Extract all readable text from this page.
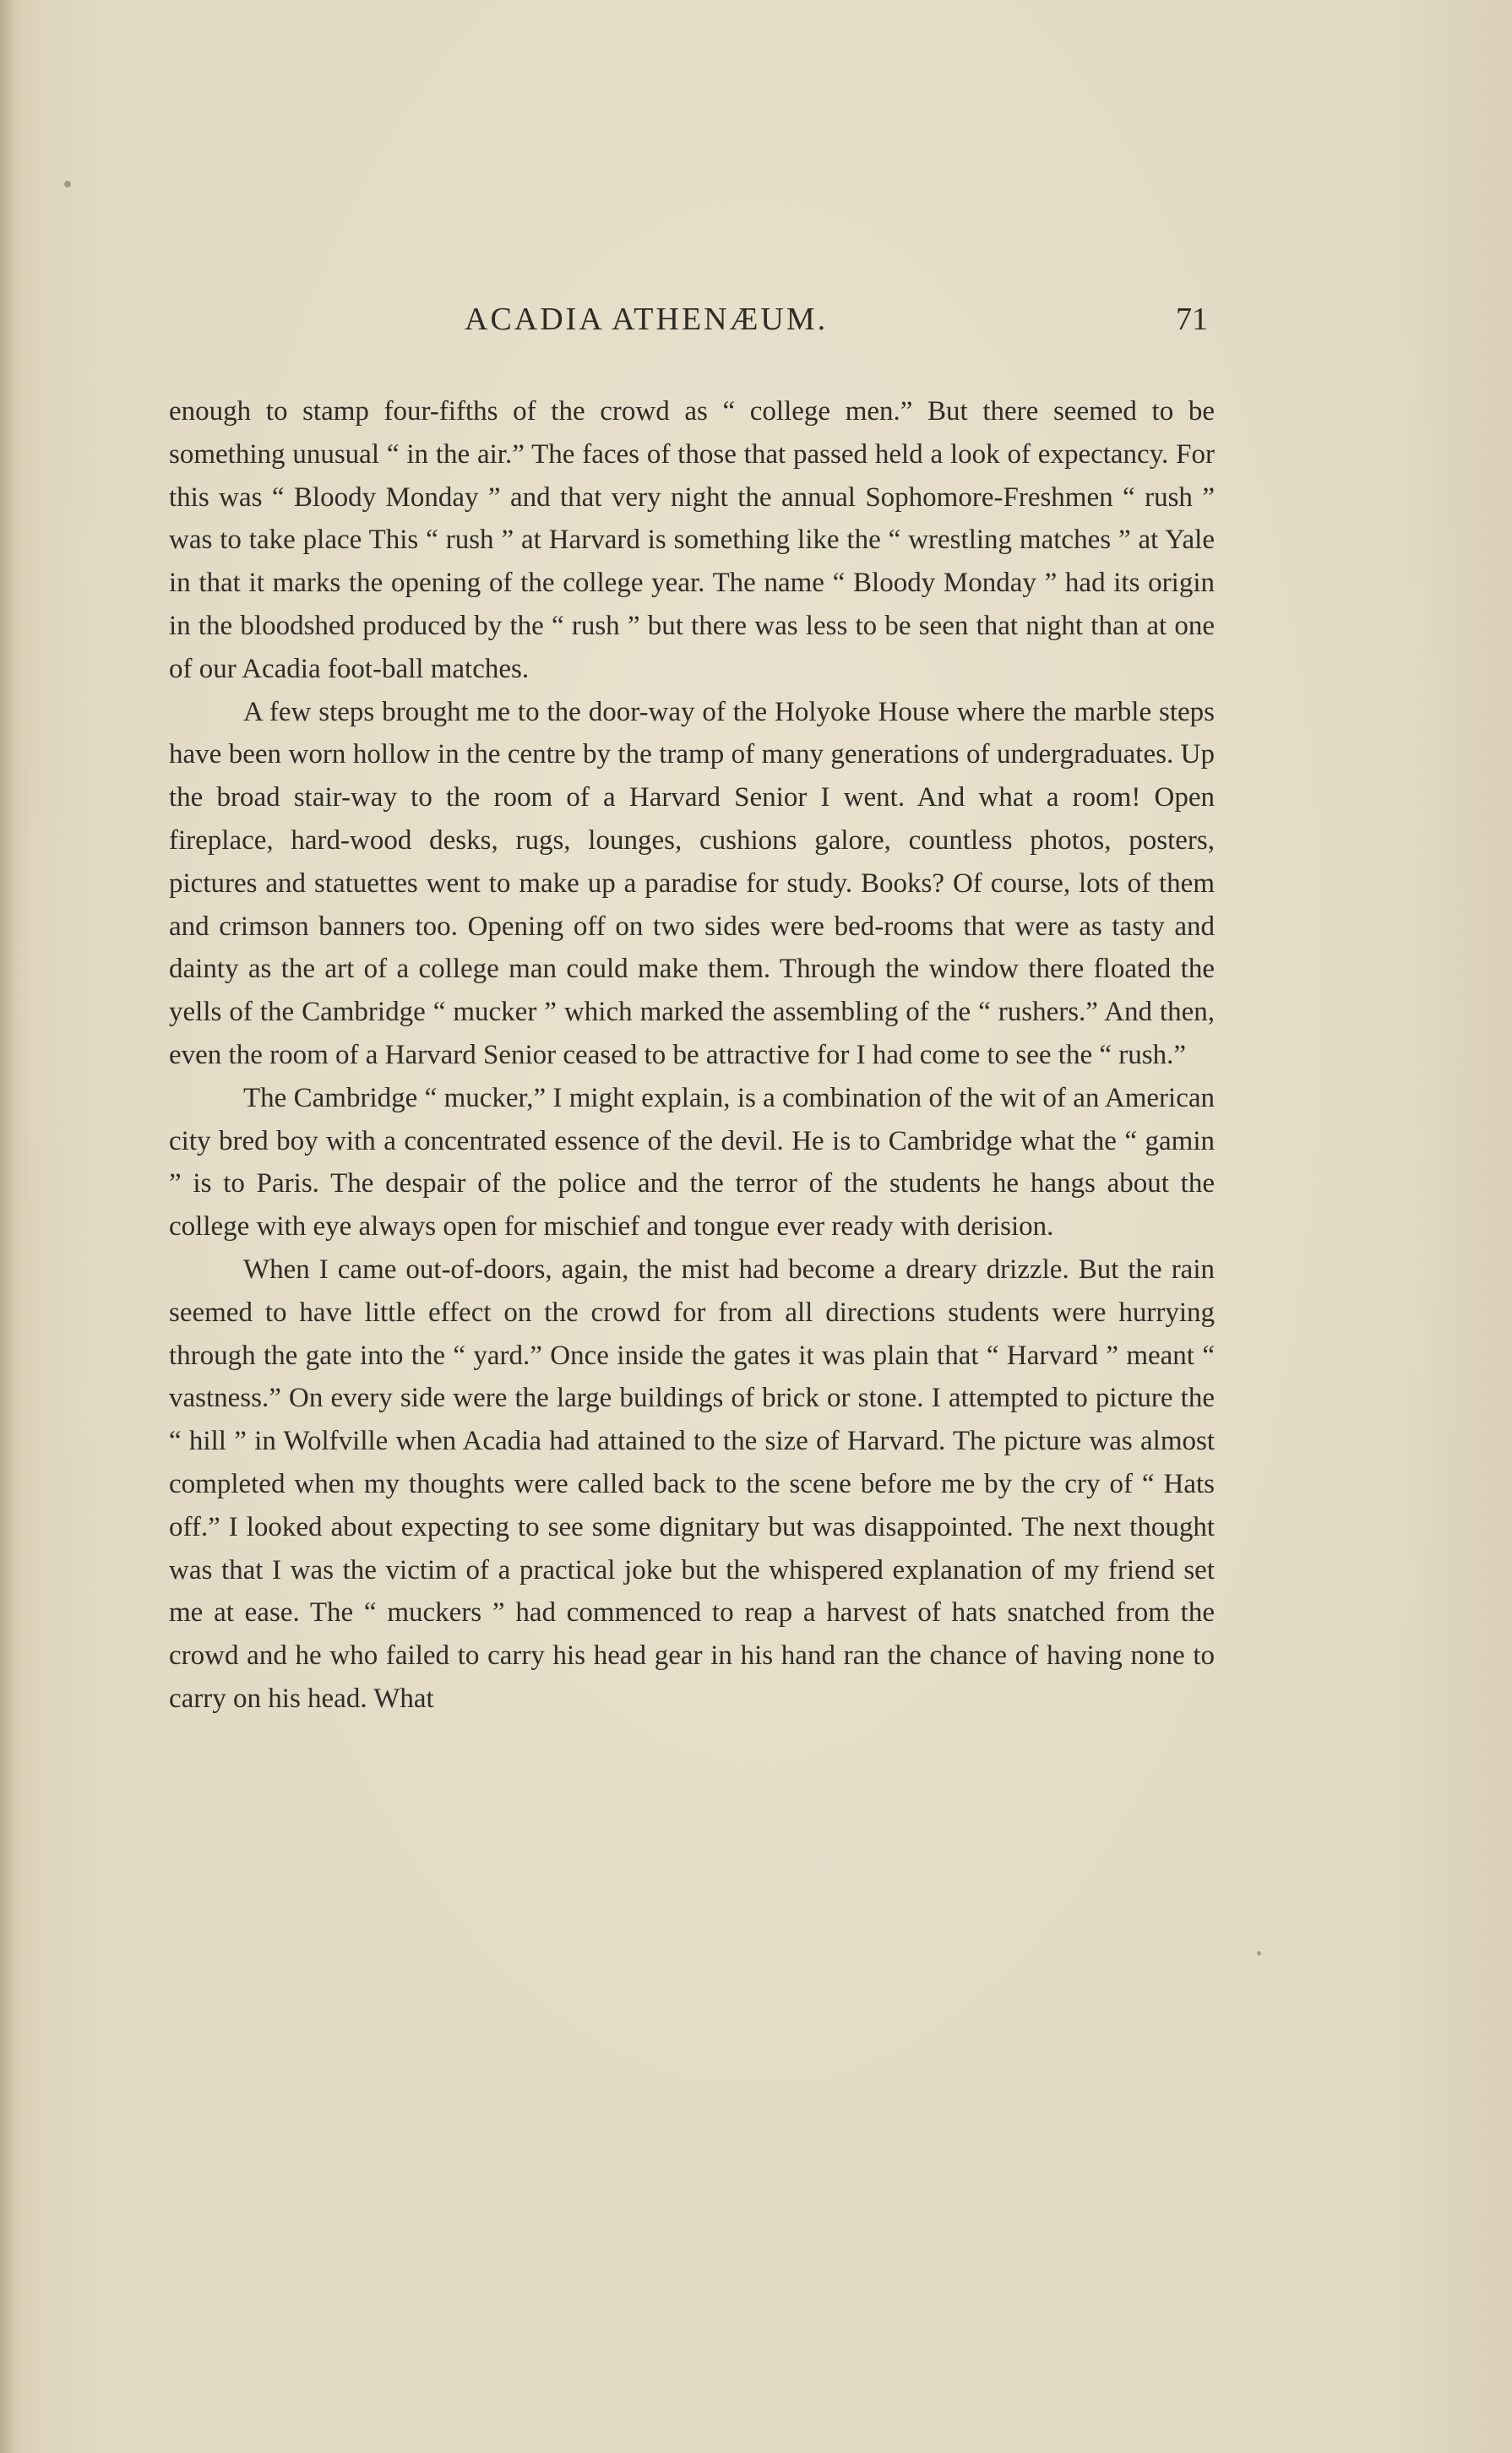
ACADIA ATHENÆUM.	71

enough to stamp four-fifths of the crowd as “ college men.” But there seemed to be something unusual “ in the air.” The faces of those that passed held a look of expectancy. For this was “ Bloody Monday ” and that very night the annual Sophomore-Freshmen “ rush ” was to take place This “ rush ” at Harvard is something like the “ wrestling matches ” at Yale in that it marks the opening of the college year. The name “ Bloody Monday ” had its origin in the bloodshed produced by the “ rush ” but there was less to be seen that night than at one of our Acadia foot-ball matches.

A few steps brought me to the door-way of the Holyoke House where the marble steps have been worn hollow in the centre by the tramp of many generations of undergraduates. Up the broad stair-way to the room of a Harvard Senior I went. And what a room! Open fireplace, hard-wood desks, rugs, lounges, cushions galore, countless photos, posters, pictures and statuettes went to make up a paradise for study. Books? Of course, lots of them and crimson banners too. Opening off on two sides were bed-rooms that were as tasty and dainty as the art of a college man could make them. Through the window there floated the yells of the Cambridge “ mucker ” which marked the assembling of the “ rushers.” And then, even the room of a Harvard Senior ceased to be attractive for I had come to see the “ rush.”

The Cambridge “ mucker,” I might explain, is a combination of the wit of an American city bred boy with a concentrated essence of the devil. He is to Cambridge what the “ gamin ” is to Paris. The despair of the police and the terror of the students he hangs about the college with eye always open for mischief and tongue ever ready with derision.

When I came out-of-doors, again, the mist had become a dreary drizzle. But the rain seemed to have little effect on the crowd for from all directions students were hurrying through the gate into the “ yard.” Once inside the gates it was plain that “ Harvard ” meant “ vastness.” On every side were the large buildings of brick or stone. I attempted to picture the “ hill ” in Wolfville when Acadia had attained to the size of Harvard. The picture was almost completed when my thoughts were called back to the scene before me by the cry of “ Hats off.” I looked about expecting to see some dignitary but was disappointed. The next thought was that I was the victim of a practical joke but the whispered explanation of my friend set me at ease. The “ muckers ” had commenced to reap a harvest of hats snatched from the crowd and he who failed to carry his head gear in his hand ran the chance of having none to carry on his head. What
